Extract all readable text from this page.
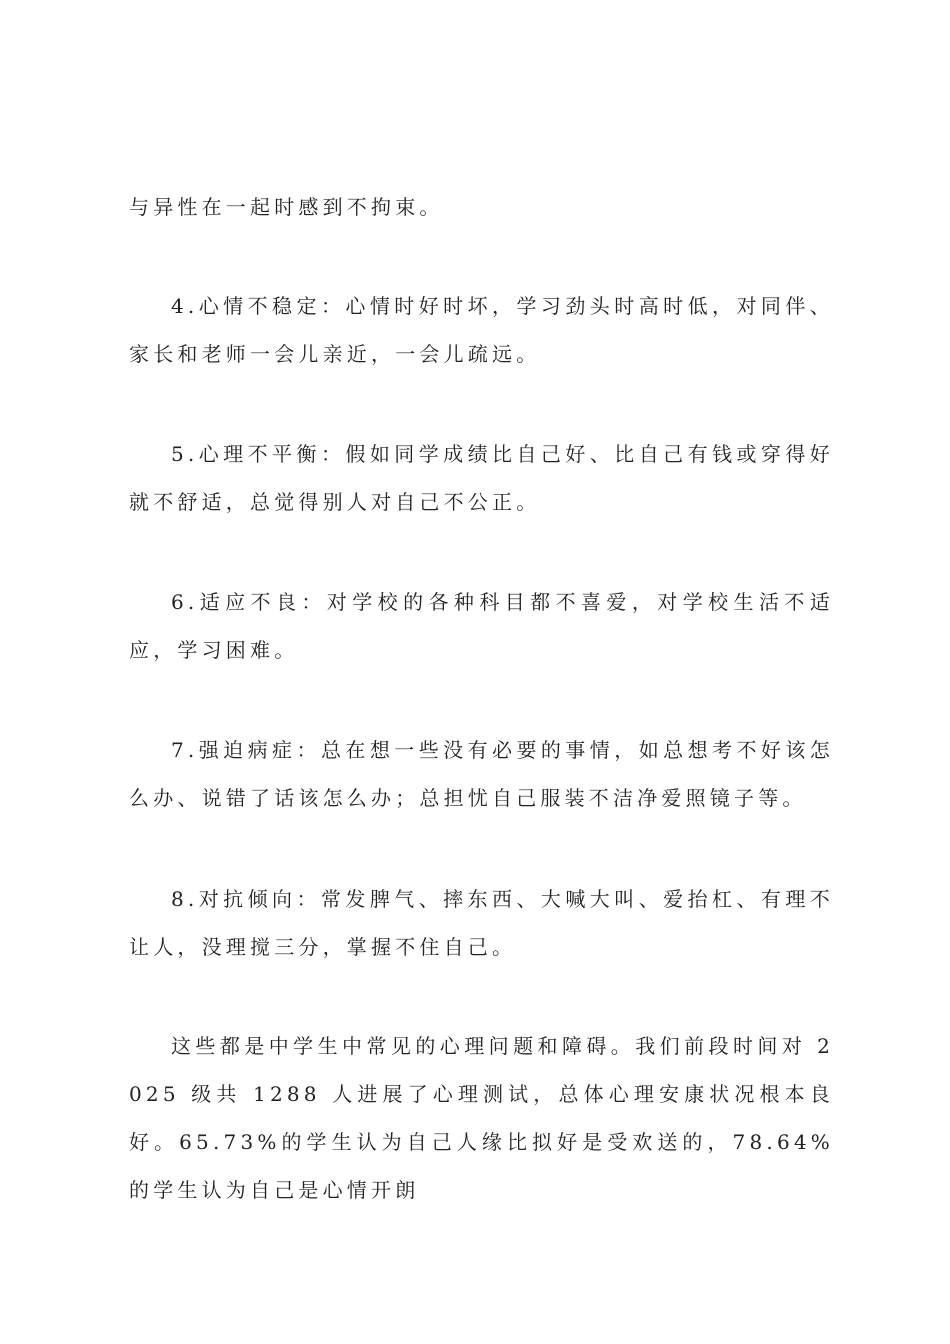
与异性在一起时感到不拘束。

4.心情不稳定：心情时好时坏，学习劲头时高时低，对同伴、家长和老师一会儿亲近，一会儿疏远。

5.心理不平衡：假如同学成绩比自己好、比自己有钱或穿得好就不舒适，总觉得别人对自己不公正。

6.适应不良：对学校的各种科目都不喜爱，对学校生活不适应，学习困难。

7.强迫病症：总在想一些没有必要的事情，如总想考不好该怎么办、说错了话该怎么办；总担忧自己服装不洁净爱照镜子等。

8.对抗倾向：常发脾气、摔东西、大喊大叫、爱抬杠、有理不让人，没理搅三分，掌握不住自己。

这些都是中学生中常见的心理问题和障碍。我们前段时间对 2025 级共 1288 人进展了心理测试，总体心理安康状况根本良好。65.73%的学生认为自己人缘比拟好是受欢送的，78.64%的学生认为自己是心情开朗
